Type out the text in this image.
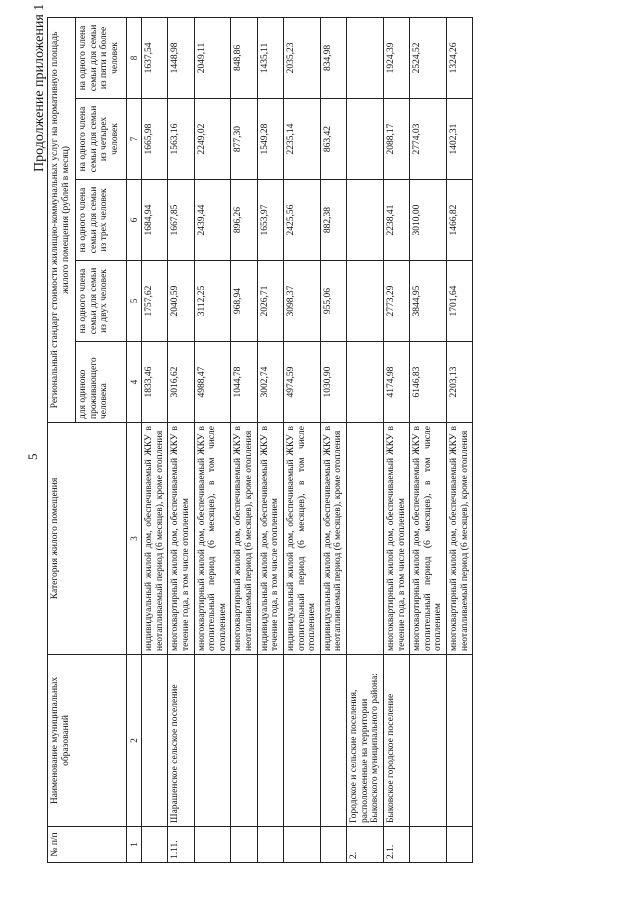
5
Продолжение приложения 1
№ п/п	Наименование муниципальных образований	Категория жилого помещения	Региональный стандарт стоимости жилищно-коммунальных услуг на нормативную площадь жилого помещения (рублей в месяц)				
			для одиноко проживающего человека	на одного члена семьи для семьи из двух человек	на одного члена семьи для семьи из трех человек	на одного члена семьи для семьи из четырех человек	на одного члена семьи для семьи из пяти и более человек
1	2	3	4	5	6	7	8
		индивидуальный жилой дом, обеспечиваемый ЖКУ в неотапливаемый период (6 месяцев), кроме отопления	1833,46	1757,62	1684,94	1665,98	1637,54
1.11.	Шарашенское сельское поселение	многоквартирный жилой дом, обеспечиваемый ЖКУ в течение года, в том числе отоплением	3016,62	2040,59	1667,85	1563,16	1448,98
		многоквартирный жилой дом, обеспечиваемый ЖКУ в отопительный период (6 месяцев), в том числе отоплением	4988,47	3112,25	2439,44	2249,02	2049,11
		многоквартирный жилой дом, обеспечиваемый ЖКУ в неотапливаемый период (6 месяцев), кроме отопления	1044,78	968,94	896,26	877,30	848,86
		индивидуальный жилой дом, обеспечиваемый ЖКУ в течение года, в том числе отоплением	3002,74	2026,71	1653,97	1549,28	1435,11
		индивидуальный жилой дом, обеспечиваемый ЖКУ в отопительный период (6 месяцев), в том числе отоплением	4974,59	3098,37	2425,56	2235,14	2035,23
		индивидуальный жилой дом, обеспечиваемый ЖКУ в неотапливаемый период (6 месяцев), кроме отопления	1030,90	955,06	882,38	863,42	834,98
2.	Городское и сельские поселения, расположенные на территории Быковского муниципального района:						
2.1.	Быковское городское поселение	многоквартирный жилой дом, обеспечиваемый ЖКУ в течение года, в том числе отоплением	4174,98	2773,29	2238,41	2088,17	1924,39
		многоквартирный жилой дом, обеспечиваемый ЖКУ в отопительный период (6 месяцев), в том числе отоплением	6146,83	3844,95	3010,00	2774,03	2524,52
		многоквартирный жилой дом, обеспечиваемый ЖКУ в неотапливаемый период (6 месяцев), кроме отопления	2203,13	1701,64	1466,82	1402,31	1324,26
